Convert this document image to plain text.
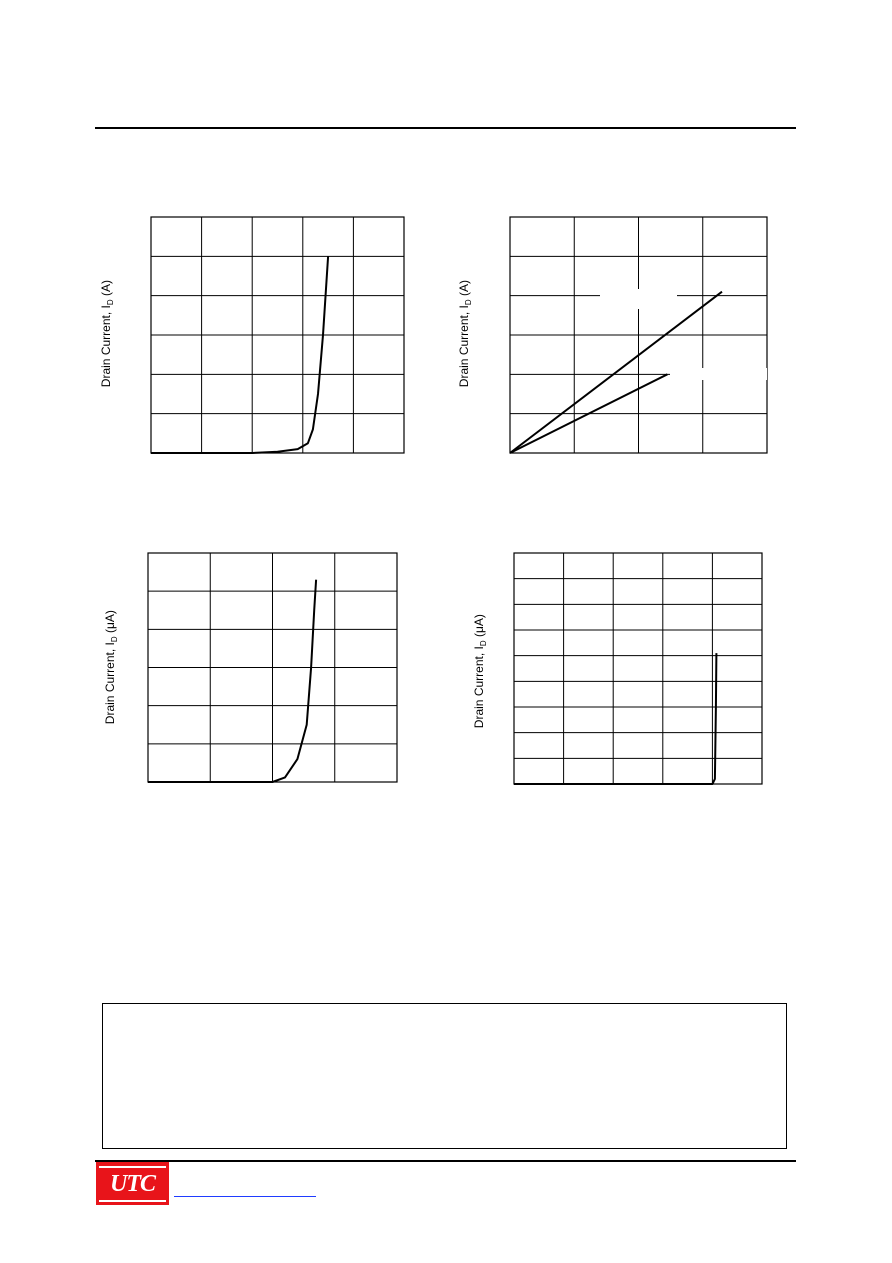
Drain Current, $I_D$ (A)
Drain Current, $I_D$ (A)
Drain Current, $I_D$ (μA)
Drain Current, $I_D$ (μA)
UTC
